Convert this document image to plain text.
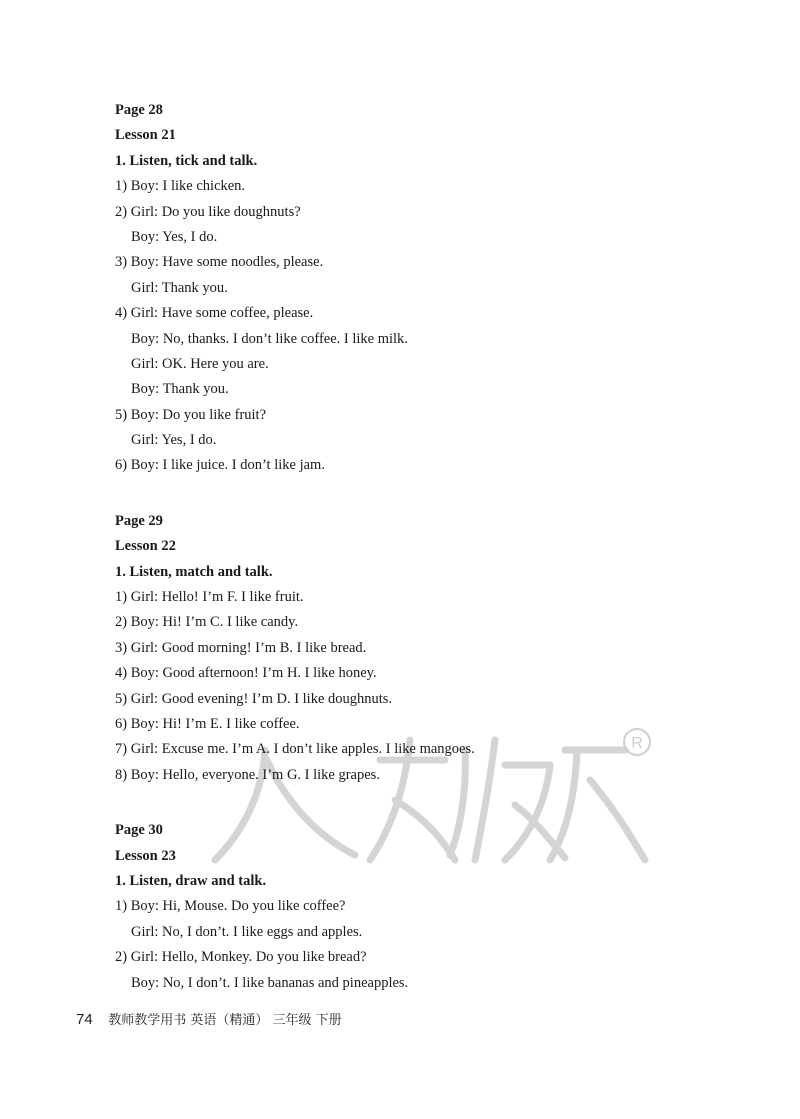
R
Page 28
Lesson 21
1. Listen, tick and talk.
1) Boy: I like chicken.
2) Girl: Do you like doughnuts?
Boy: Yes, I do.
3) Boy: Have some noodles, please.
Girl: Thank you.
4) Girl: Have some coffee, please.
Boy: No, thanks. I don’t like coffee. I like milk.
Girl: OK. Here you are.
Boy: Thank you.
5) Boy: Do you like fruit?
Girl: Yes, I do.
6) Boy: I like juice. I don’t like jam.
Page 29
Lesson 22
1. Listen, match and talk.
1) Girl: Hello! I’m F. I like fruit.
2) Boy: Hi! I’m C. I like candy.
3) Girl: Good morning! I’m B. I like bread.
4) Boy: Good afternoon! I’m H. I like honey.
5) Girl: Good evening! I’m D. I like doughnuts.
6) Boy: Hi! I’m E. I like coffee.
7) Girl: Excuse me. I’m A. I don’t like apples. I like mangoes.
8) Boy: Hello, everyone. I’m G. I like grapes.
Page 30
Lesson 23
1. Listen, draw and talk.
1) Boy: Hi, Mouse. Do you like coffee?
Girl: No, I don’t. I like eggs and apples.
2) Girl: Hello, Monkey. Do you like bread?
Boy: No, I don’t. I like bananas and pineapples.
74 教师教学用书 英语（精通） 三年级 下册
